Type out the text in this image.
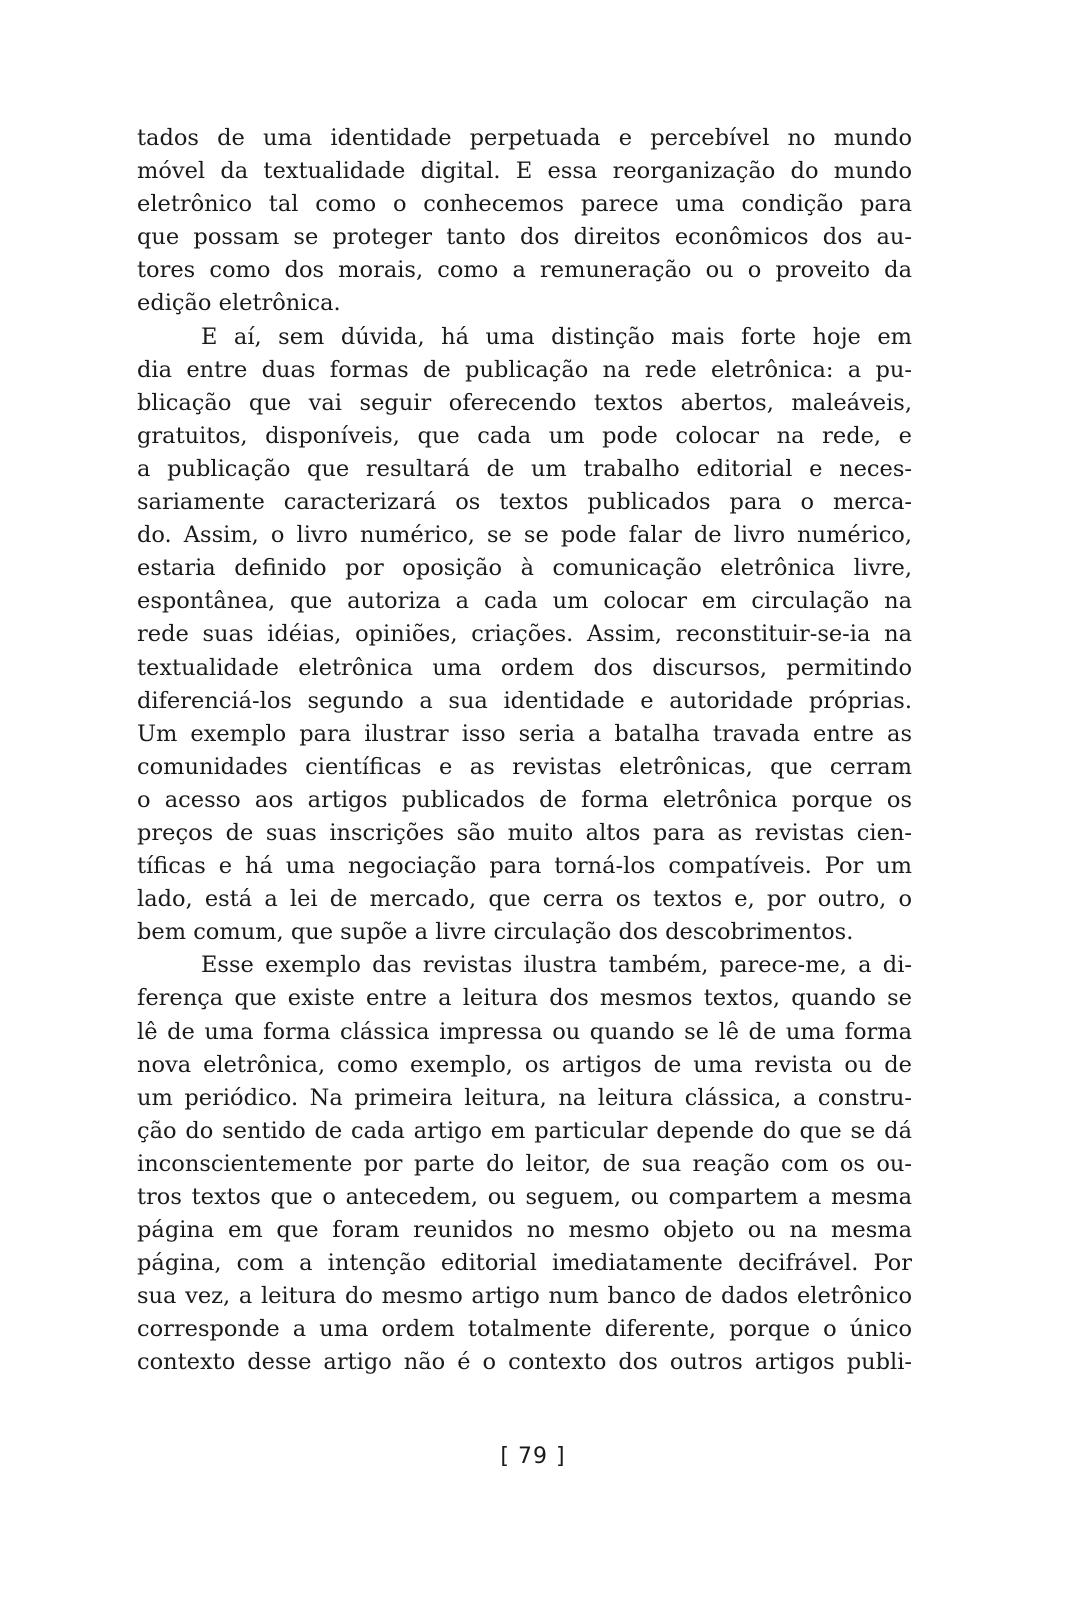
tados de uma identidade perpetuada e percebível no mundo
móvel da textualidade digital. E essa reorganização do mundo
eletrônico tal como o conhecemos parece uma condição para
que possam se proteger tanto dos direitos econômicos dos au-
tores como dos morais, como a remuneração ou o proveito da
edição eletrônica.
E aí, sem dúvida, há uma distinção mais forte hoje em
dia entre duas formas de publicação na rede eletrônica: a pu-
blicação que vai seguir oferecendo textos abertos, maleáveis,
gratuitos, disponíveis, que cada um pode colocar na rede, e
a publicação que resultará de um trabalho editorial e neces-
sariamente caracterizará os textos publicados para o merca-
do. Assim, o livro numérico, se se pode falar de livro numérico,
estaria definido por oposição à comunicação eletrônica livre,
espontânea, que autoriza a cada um colocar em circulação na
rede suas idéias, opiniões, criações. Assim, reconstituir-se-ia na
textualidade eletrônica uma ordem dos discursos, permitindo
diferenciá-los segundo a sua identidade e autoridade próprias.
Um exemplo para ilustrar isso seria a batalha travada entre as
comunidades científicas e as revistas eletrônicas, que cerram
o acesso aos artigos publicados de forma eletrônica porque os
preços de suas inscrições são muito altos para as revistas cien-
tíficas e há uma negociação para torná-los compatíveis. Por um
lado, está a lei de mercado, que cerra os textos e, por outro, o
bem comum, que supõe a livre circulação dos descobrimentos.
Esse exemplo das revistas ilustra também, parece-me, a di-
ferença que existe entre a leitura dos mesmos textos, quando se
lê de uma forma clássica impressa ou quando se lê de uma forma
nova eletrônica, como exemplo, os artigos de uma revista ou de
um periódico. Na primeira leitura, na leitura clássica, a constru-
ção do sentido de cada artigo em particular depende do que se dá
inconscientemente por parte do leitor, de sua reação com os ou-
tros textos que o antecedem, ou seguem, ou compartem a mesma
página em que foram reunidos no mesmo objeto ou na mesma
página, com a intenção editorial imediatamente decifrável. Por
sua vez, a leitura do mesmo artigo num banco de dados eletrônico
corresponde a uma ordem totalmente diferente, porque o único
contexto desse artigo não é o contexto dos outros artigos publi-
[ 79 ]
